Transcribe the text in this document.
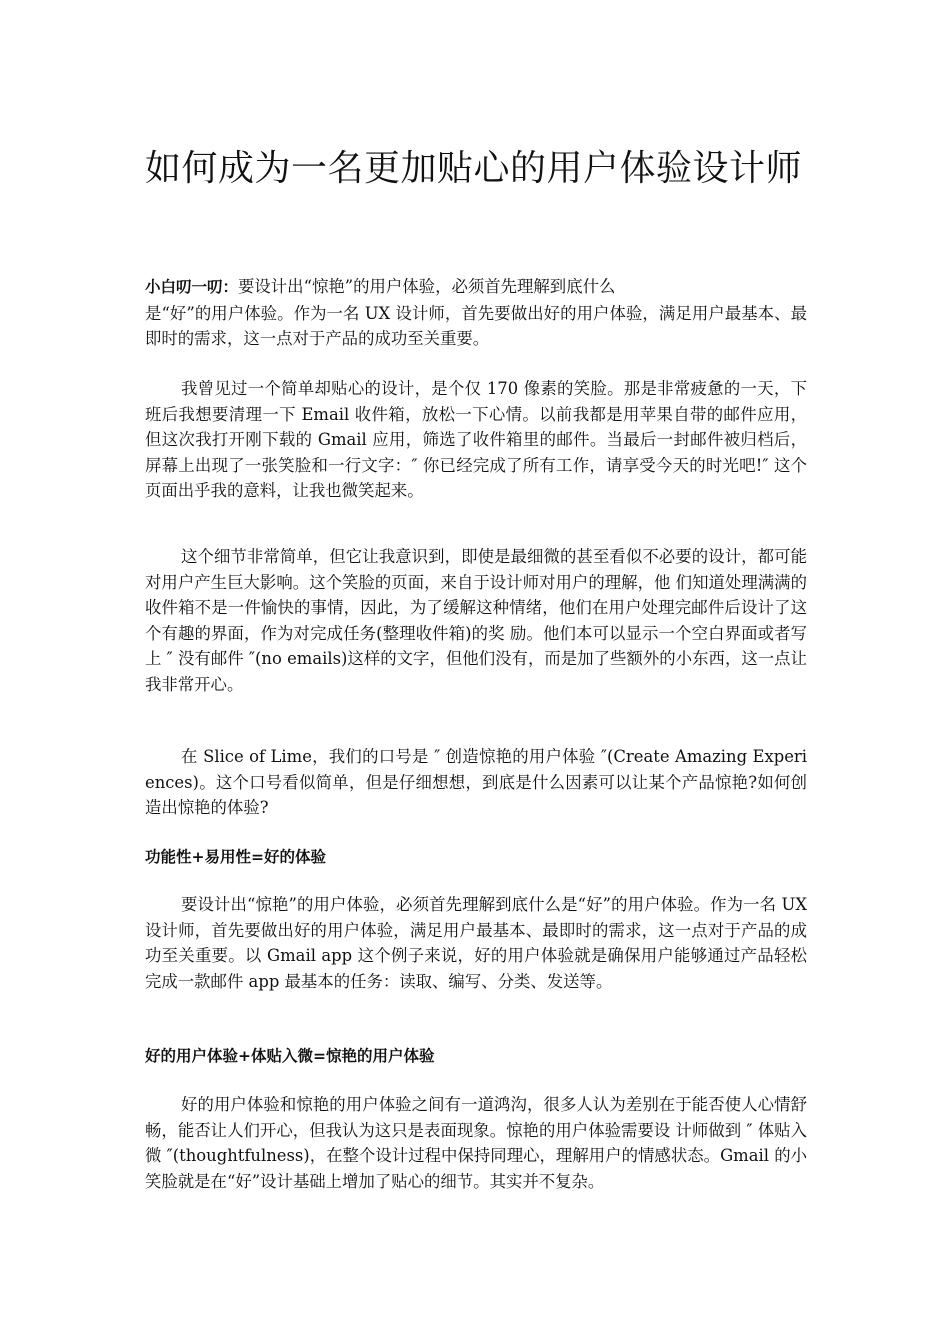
如何成为一名更加贴心的用户体验设计师

小白叨一叨：要设计出“惊艳”的用户体验，必须首先理解到底什么
是“好”的用户体验。作为一名 UX 设计师，首先要做出好的用户体验，满足用户最基本、最即时的需求，这一点对于产品的成功至关重要。

我曾见过一个简单却贴心的设计，是个仅 170 像素的笑脸。那是非常疲惫的一天，下班后我想要清理一下 Email 收件箱，放松一下心情。以前我都是用苹果自带的邮件应用，但这次我打开刚下载的 Gmail 应用，筛选了收件箱里的邮件。当最后一封邮件被归档后，屏幕上出现了一张笑脸和一行文字：″ 你已经完成了所有工作，请享受今天的时光吧!″ 这个页面出乎我的意料，让我也微笑起来。

这个细节非常简单，但它让我意识到，即使是最细微的甚至看似不必要的设计，都可能对用户产生巨大影响。这个笑脸的页面，来自于设计师对用户的理解，他 们知道处理满满的收件箱不是一件愉快的事情，因此，为了缓解这种情绪，他们在用户处理完邮件后设计了这个有趣的界面，作为对完成任务(整理收件箱)的奖 励。他们本可以显示一个空白界面或者写上 ″ 没有邮件 ″(no emails)这样的文字，但他们没有，而是加了些额外的小东西，这一点让我非常开心。

在 Slice of Lime，我们的口号是 ″ 创造惊艳的用户体验 ″(Create Amazing Experiences)。这个口号看似简单，但是仔细想想，到底是什么因素可以让某个产品惊艳?如何创造出惊艳的体验?

功能性+易用性=好的体验

要设计出“惊艳”的用户体验，必须首先理解到底什么是“好”的用户体验。作为一名 UX 设计师，首先要做出好的用户体验，满足用户最基本、最即时的需求，这一点对于产品的成功至关重要。以 Gmail app 这个例子来说，好的用户体验就是确保用户能够通过产品轻松完成一款邮件 app 最基本的任务：读取、编写、分类、发送等。

好的用户体验+体贴入微=惊艳的用户体验

好的用户体验和惊艳的用户体验之间有一道鸿沟，很多人认为差别在于能否使人心情舒畅，能否让人们开心，但我认为这只是表面现象。惊艳的用户体验需要设 计师做到 ″ 体贴入微 ″(thoughtfulness)，在整个设计过程中保持同理心，理解用户的情感状态。Gmail 的小笑脸就是在“好”设计基础上增加了贴心的细节。其实并不复杂。
